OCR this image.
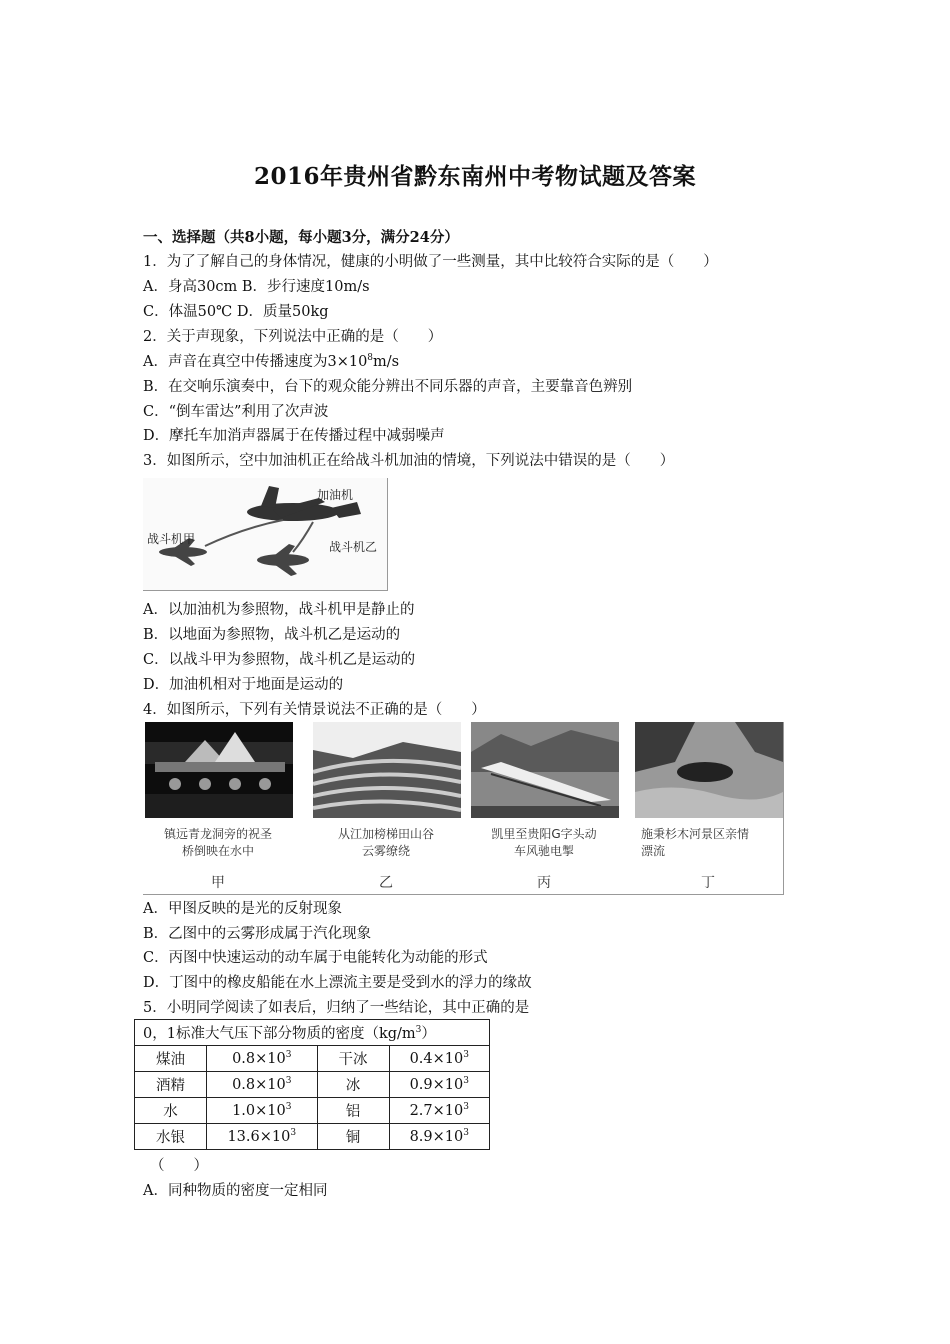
2016年贵州省黔东南州中考物试题及答案
一、选择题（共8小题，每小题3分，满分24分）
1．为了了解自己的身体情况，健康的小明做了一些测量，其中比较符合实际的是（　　）
A．身高30cm B．步行速度10m/s
C．体温50℃ D．质量50kg
2．关于声现象，下列说法中正确的是（　　）
A．声音在真空中传播速度为$3\times 10^8m/s$
B．在交响乐演奏中，台下的观众能分辨出不同乐器的声音，主要靠音色辨别
C．“倒车雷达”利用了次声波
D．摩托车加消声器属于在传播过程中减弱噪声
3．如图所示，空中加油机正在给战斗机加油的情境，下列说法中错误的是（　　）
加油机
战斗机甲
战斗机乙
A．以加油机为参照物，战斗机甲是静止的
B．以地面为参照物，战斗机乙是运动的
C．以战斗甲为参照物，战斗机乙是运动的
D．加油机相对于地面是运动的
4．如图所示，下列有关情景说法不正确的是（　　）
镇远青龙洞旁的祝圣
桥倒映在水中
甲
从江加榜梯田山谷
云雾缭绕
乙
凯里至贵阳G字头动
车风驰电掣
丙
施秉杉木河景区亲情
漂流
丁
A．甲图反映的是光的反射现象
B．乙图中的云雾形成属于汽化现象
C．丙图中快速运动的动车属于电能转化为动能的形式
D．丁图中的橡皮船能在水上漂流主要是受到水的浮力的缘故
5．小明同学阅读了如表后，归纳了一些结论，其中正确的是
0，1标准大气压下部分物质的密度$(kg/m^3)$			
煤油	$0.8\times 10^3$	干冰	$0.4\times 10^3$
酒精	$0.8\times 10^3$	冰	$0.9\times 10^3$
水	$1.0\times 10^3$	铝	$2.7\times 10^3$
水银	$13.6\times 10^3$	铜	$8.9\times 10^3$
（　　）
A．同种物质的密度一定相同
